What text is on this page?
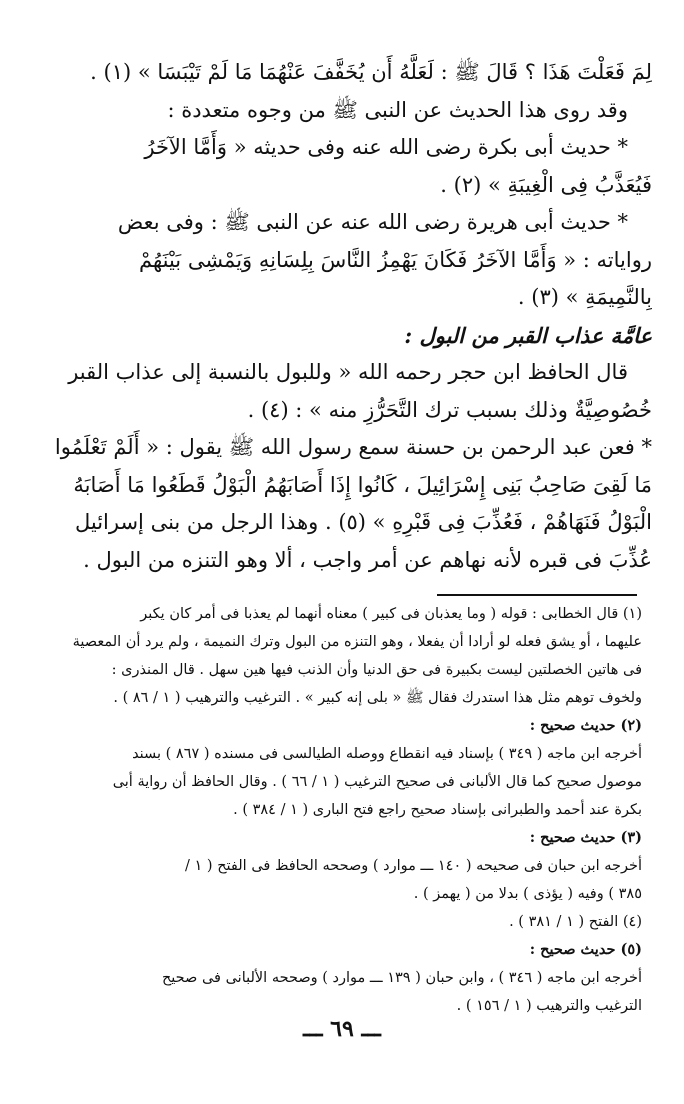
لِمَ فَعَلْتَ هَذَا ؟ قَالَ ﷺ : لَعَلَّهُ أَن يُخَفَّفَ عَنْهُمَا مَا لَمْ تَيْبَسَا » (١) .
وقد روى هذا الحديث عن النبى ﷺ من وجوه متعددة :
* حديث أبى بكرة رضى الله عنه وفى حديثه « وَأَمَّا الآخَرُ
فَيُعَذَّبُ فِى الْغِيبَةِ » (٢) .
* حديث أبى هريرة رضى الله عنه عن النبى ﷺ : وفى بعض
رواياته : « وَأَمَّا الآخَرُ فَكَانَ يَهْمِزُ النَّاسَ بِلِسَانِهِ وَيَمْشِى بَيْنَهُمْ
بِالنَّمِيمَةِ » (٣) .
عامَّة عذاب القبر من البول :
قال الحافظ ابن حجر رحمه الله « وللبول بالنسبة إلى عذاب القبر
خُصُوصِيَّةٌ وذلك بسبب ترك التَّحَرُّزِ منه » : (٤) .
* فعن عبد الرحمن بن حسنة سمع رسول الله ﷺ يقول : « أَلَمْ تَعْلَمُوا
مَا لَقِىَ صَاحِبُ بَنِى إِسْرَائِيلَ ، كَانُوا إِذَا أَصَابَهُمُ الْبَوْلُ قَطَعُوا مَا أَصَابَهُ
الْبَوْلُ فَنَهَاهُمْ ، فَعُذِّبَ فِى قَبْرِهِ » (٥) . وهذا الرجل من بنى إسرائيل
عُذِّبَ فى قبره لأنه نهاهم عن أمر واجب ، ألا وهو التنزه من البول .
(١) قال الخطابى : قوله ( وما يعذبان فى كبير ) معناه أنهما لم يعذبا فى أمر كان يكبر
عليهما ، أو يشق فعله لو أرادا أن يفعلا ، وهو التنزه من البول وترك النميمة ، ولم يرد أن المعصية
فى هاتين الخصلتين ليست بكبيرة فى حق الدنيا وأن الذنب فيها هين سهل . قال المنذرى :
ولخوف توهم مثل هذا استدرك فقال ﷺ « بلى إنه كبير » . الترغيب والترهيب ( ١ / ٨٦ ) .
(٢) حديث صحيح :
أخرجه ابن ماجه ( ٣٤٩ ) بإسناد فيه انقطاع ووصله الطيالسى فى مسنده ( ٨٦٧ ) بسند
موصول صحيح كما قال الألبانى فى صحيح الترغيب ( ١ / ٦٦ ) . وقال الحافظ أن رواية أبى
بكرة عند أحمد والطبرانى بإسناد صحيح راجع فتح البارى ( ١ / ٣٨٤ ) .
(٣) حديث صحيح :
أخرجه ابن حبان فى صحيحه ( ١٤٠ ـــ موارد ) وصححه الحافظ فى الفتح ( ١ /
٣٨٥ ) وفيه ( يؤذى ) بدلا من ( يهمز ) .
(٤) الفتح ( ١ / ٣٨١ ) .
(٥) حديث صحيح :
أخرجه ابن ماجه ( ٣٤٦ ) ، وابن حبان ( ١٣٩ ـــ موارد ) وصححه الألبانى فى صحيح
الترغيب والترهيب ( ١ / ١٥٦ ) .
ـــ ٦٩ ـــ
